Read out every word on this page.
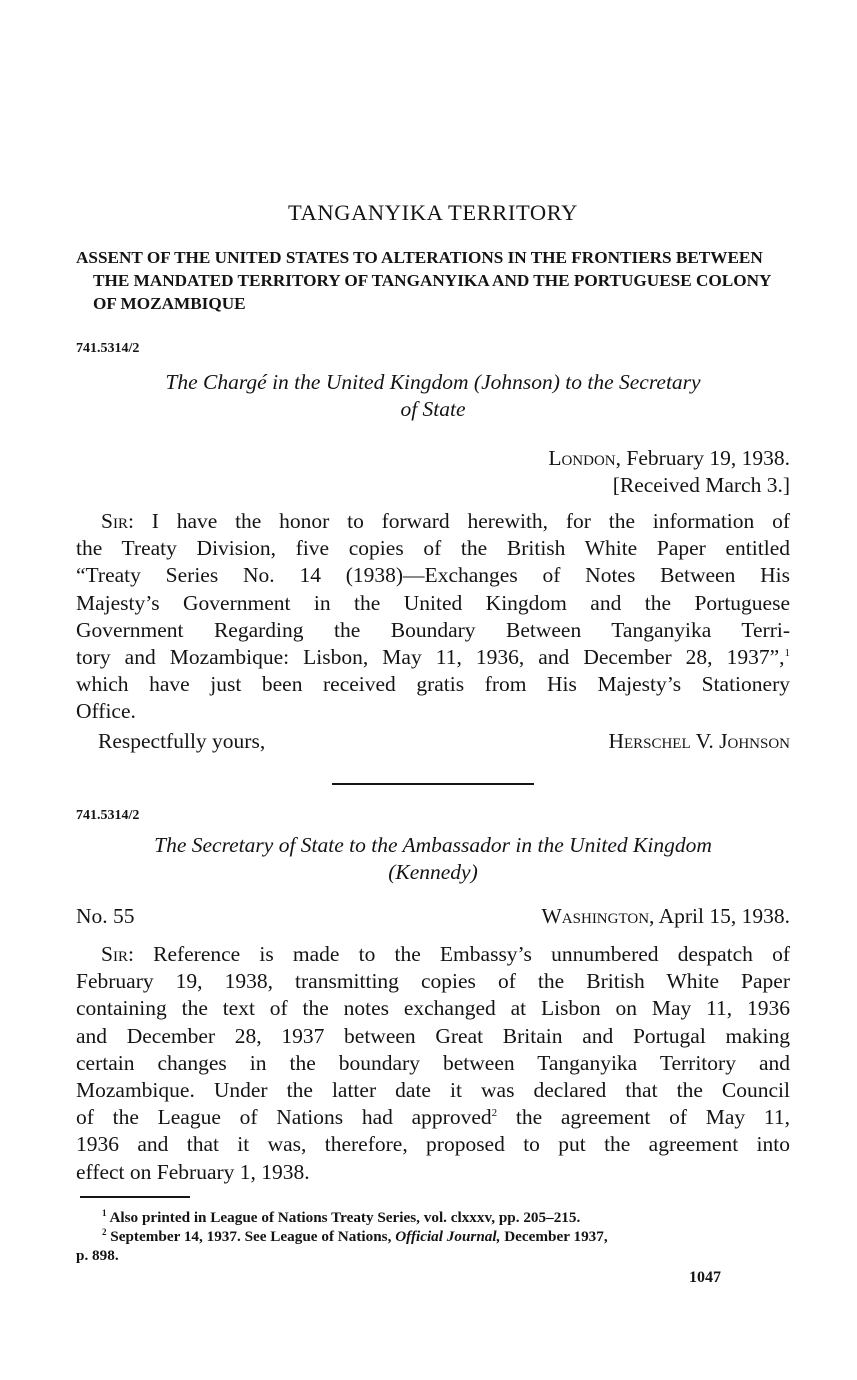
TANGANYIKA TERRITORY
ASSENT OF THE UNITED STATES TO ALTERATIONS IN THE FRONTIERS BETWEEN THE MANDATED TERRITORY OF TANGANYIKA AND THE PORTUGUESE COLONY OF MOZAMBIQUE
741.5314/2
The Chargé in the United Kingdom (Johnson) to the Secretary
of State
London, February 19, 1938.
[Received March 3.]
Sir: I have the honor to forward herewith, for the information of
the Treaty Division, five copies of the British White Paper entitled
“Treaty Series No. 14 (1938)—Exchanges of Notes Between His
Majesty’s Government in the United Kingdom and the Portuguese
Government Regarding the Boundary Between Tanganyika Terri-
tory and Mozambique: Lisbon, May 11, 1936, and December 28, 1937”,$^1$
which have just been received gratis from His Majesty’s Stationery
Office.
Respectfully yours,	Herschel V. Johnson
741.5314/2
The Secretary of State to the Ambassador in the United Kingdom
(Kennedy)
No. 55	Washington, April 15, 1938.
Sir: Reference is made to the Embassy’s unnumbered despatch of
February 19, 1938, transmitting copies of the British White Paper
containing the text of the notes exchanged at Lisbon on May 11, 1936
and December 28, 1937 between Great Britain and Portugal making
certain changes in the boundary between Tanganyika Territory and
Mozambique. Under the latter date it was declared that the Council
of the League of Nations had approved$^2$ the agreement of May 11,
1936 and that it was, therefore, proposed to put the agreement into
effect on February 1, 1938.
$^1$ Also printed in League of Nations Treaty Series, vol. clxxxv, pp. 205–215.
$^2$ September 14, 1937. See League of Nations, Official Journal, December 1937,
p. 898.
1047
